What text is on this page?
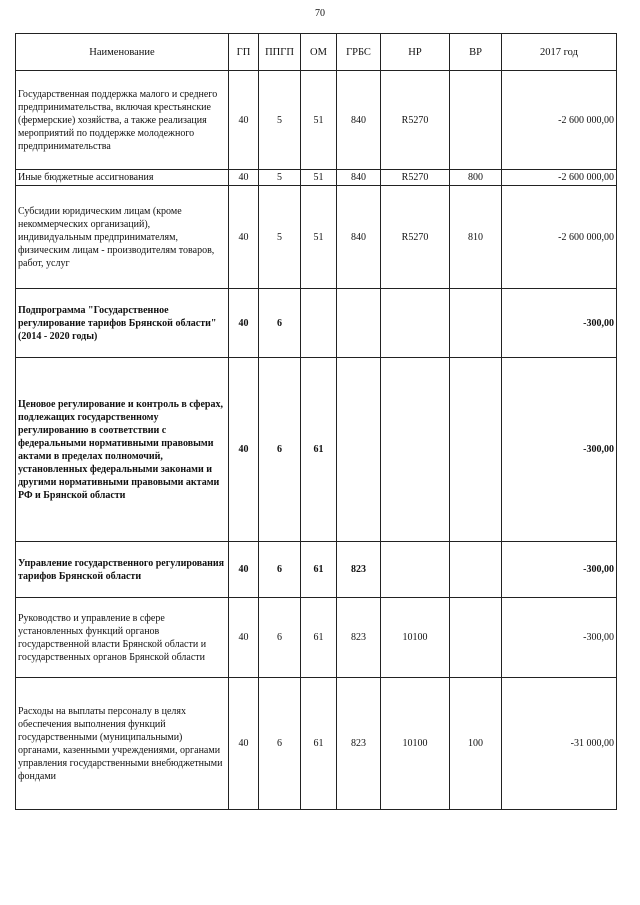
70
Наименование	ГП	ППГП	ОМ	ГРБС	НР	ВР	2017 год
Государственная поддержка малого и среднего предпринимательства, включая крестьянские (фермерские) хозяйства, а также реализация мероприятий по поддержке молодежного предпринимательства	40	5	51	840	R5270		-2 600 000,00
Иные бюджетные ассигнования	40	5	51	840	R5270	800	-2 600 000,00
Субсидии юридическим лицам (кроме некоммерческих организаций), индивидуальным предпринимателям, физическим лицам - производителям товаров, работ, услуг	40	5	51	840	R5270	810	-2 600 000,00
Подпрограмма "Государственное регулирование тарифов Брянской области" (2014 - 2020 годы)	40	6					-300,00
Ценовое регулирование и контроль в сферах, подлежащих государственному регулированию в соответствии с федеральными нормативными правовыми актами в пределах полномочий, установленных федеральными законами и другими нормативными правовыми актами РФ и Брянской области	40	6	61				-300,00
Управление государственного регулирования тарифов Брянской области	40	6	61	823			-300,00
Руководство и управление в сфере установленных функций органов государственной власти Брянской области и государственных органов Брянской области	40	6	61	823	10100		-300,00
Расходы на выплаты персоналу в целях обеспечения выполнения функций государственными (муниципальными) органами, казенными учреждениями, органами управления государственными внебюджетными фондами	40	6	61	823	10100	100	-31 000,00
